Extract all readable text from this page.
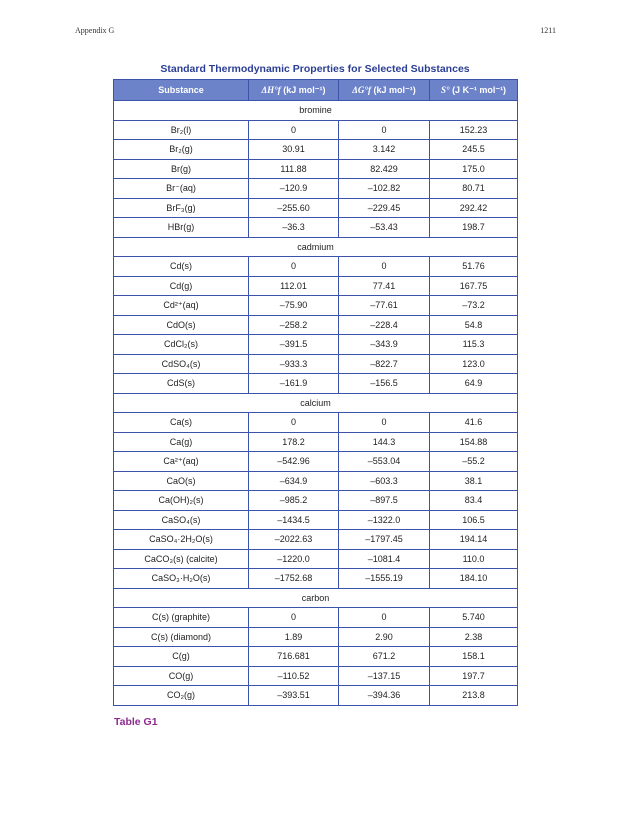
Appendix G	1211
Standard Thermodynamic Properties for Selected Substances
Substance	ΔH°f (kJ mol⁻¹)	ΔG°f (kJ mol⁻¹)	S° (J K⁻¹ mol⁻¹)
bromine			
Br₂(l)	0	0	152.23
Br₂(g)	30.91	3.142	245.5
Br(g)	111.88	82.429	175.0
Br⁻(aq)	–120.9	–102.82	80.71
BrF₃(g)	–255.60	–229.45	292.42
HBr(g)	–36.3	–53.43	198.7
cadmium			
Cd(s)	0	0	51.76
Cd(g)	112.01	77.41	167.75
Cd²⁺(aq)	–75.90	–77.61	–73.2
CdO(s)	–258.2	–228.4	54.8
CdCl₂(s)	–391.5	–343.9	115.3
CdSO₄(s)	–933.3	–822.7	123.0
CdS(s)	–161.9	–156.5	64.9
calcium			
Ca(s)	0	0	41.6
Ca(g)	178.2	144.3	154.88
Ca²⁺(aq)	–542.96	–553.04	–55.2
CaO(s)	–634.9	–603.3	38.1
Ca(OH)₂(s)	–985.2	–897.5	83.4
CaSO₄(s)	–1434.5	–1322.0	106.5
CaSO₄·2H₂O(s)	–2022.63	–1797.45	194.14
CaCO₃(s) (calcite)	–1220.0	–1081.4	110.0
CaSO₃·H₂O(s)	–1752.68	–1555.19	184.10
carbon			
C(s) (graphite)	0	0	5.740
C(s) (diamond)	1.89	2.90	2.38
C(g)	716.681	671.2	158.1
CO(g)	–110.52	–137.15	197.7
CO₂(g)	–393.51	–394.36	213.8
Table G1
